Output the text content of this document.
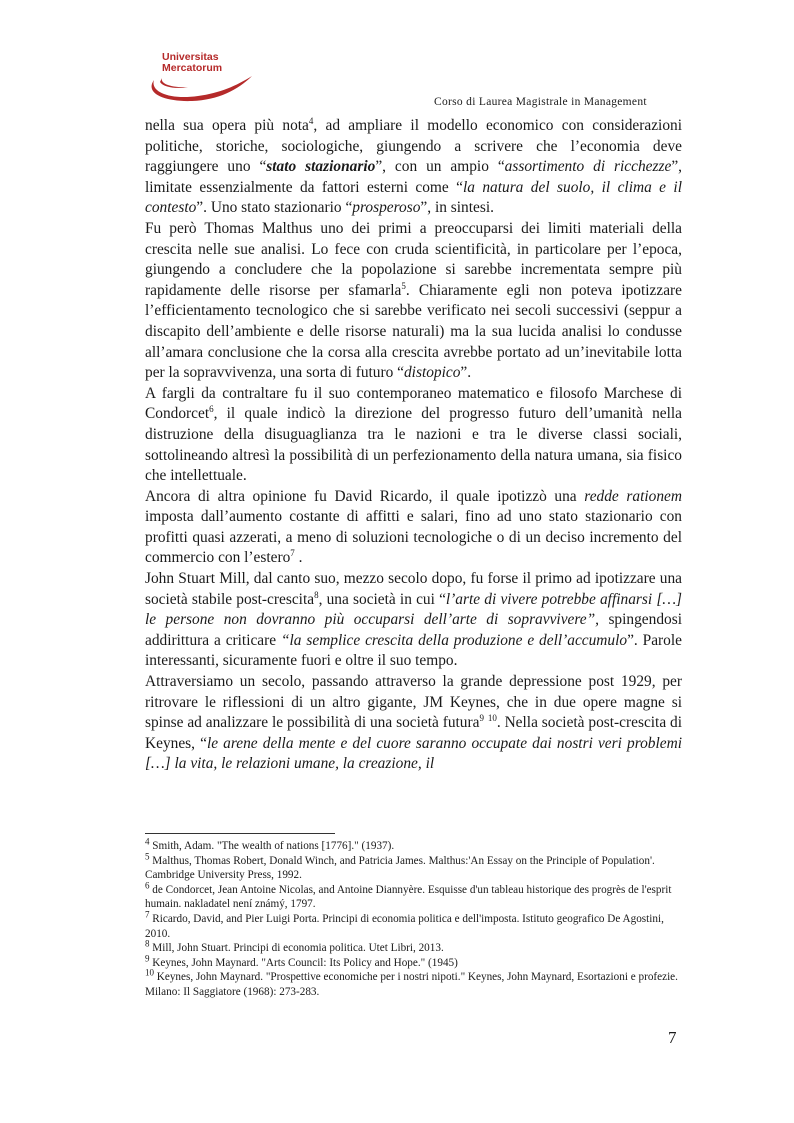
Universitas
Mercatorum
Corso di Laurea Magistrale in Management

nella sua opera più nota$^4$, ad ampliare il modello economico con considerazioni politiche, storiche, sociologiche, giungendo a scrivere che l’economia deve raggiungere uno “stato stazionario”, con un ampio “assortimento di ricchezze”, limitate essenzialmente da fattori esterni come “la natura del suolo, il clima e il contesto”. Uno stato stazionario “prosperoso”, in sintesi.

Fu però Thomas Malthus uno dei primi a preoccuparsi dei limiti materiali della crescita nelle sue analisi. Lo fece con cruda scientificità, in particolare per l’epoca, giungendo a concludere che la popolazione si sarebbe incrementata sempre più rapidamente delle risorse per sfamarla$^5$. Chiaramente egli non poteva ipotizzare l’efficientamento tecnologico che si sarebbe verificato nei secoli successivi (seppur a discapito dell’ambiente e delle risorse naturali) ma la sua lucida analisi lo condusse all’amara conclusione che la corsa alla crescita avrebbe portato ad un’inevitabile lotta per la sopravvivenza, una sorta di futuro “distopico”.

A fargli da contraltare fu il suo contemporaneo matematico e filosofo Marchese di Condorcet$^6$, il quale indicò la direzione del progresso futuro dell’umanità nella distruzione della disuguaglianza tra le nazioni e tra le diverse classi sociali, sottolineando altresì la possibilità di un perfezionamento della natura umana, sia fisico che intellettuale.

Ancora di altra opinione fu David Ricardo, il quale ipotizzò una redde rationem imposta dall’aumento costante di affitti e salari, fino ad uno stato stazionario con profitti quasi azzerati, a meno di soluzioni tecnologiche o di un deciso incremento del commercio con l’estero$^7$ .

John Stuart Mill, dal canto suo, mezzo secolo dopo, fu forse il primo ad ipotizzare una società stabile post-crescita$^8$, una società in cui “l’arte di vivere potrebbe affinarsi […] le persone non dovranno più occuparsi dell’arte di sopravvivere”, spingendosi addirittura a criticare “la semplice crescita della produzione e dell’accumulo”. Parole interessanti, sicuramente fuori e oltre il suo tempo.

Attraversiamo un secolo, passando attraverso la grande depressione post 1929, per ritrovare le riflessioni di un altro gigante, JM Keynes, che in due opere magne si spinse ad analizzare le possibilità di una società futura$^9$ $^{10}$. Nella società post-crescita di Keynes, “le arene della mente e del cuore saranno occupate dai nostri veri problemi […] la vita, le relazioni umane, la creazione, il

$^4$ Smith, Adam. "The wealth of nations [1776]." (1937).

$^5$ Malthus, Thomas Robert, Donald Winch, and Patricia James. Malthus:'An Essay on the Principle of Population'. Cambridge University Press, 1992.

$^6$ de Condorcet, Jean Antoine Nicolas, and Antoine Diannyère. Esquisse d'un tableau historique des progrès de l'esprit humain. nakladatel není známý, 1797.

$^7$ Ricardo, David, and Pier Luigi Porta. Principi di economia politica e dell'imposta. Istituto geografico De Agostini, 2010.

$^8$ Mill, John Stuart. Principi di economia politica. Utet Libri, 2013.

$^9$ Keynes, John Maynard. "Arts Council: Its Policy and Hope." (1945)

$^{10}$ Keynes, John Maynard. "Prospettive economiche per i nostri nipoti." Keynes, John Maynard, Esortazioni e profezie. Milano: Il Saggiatore (1968): 273-283.

7
